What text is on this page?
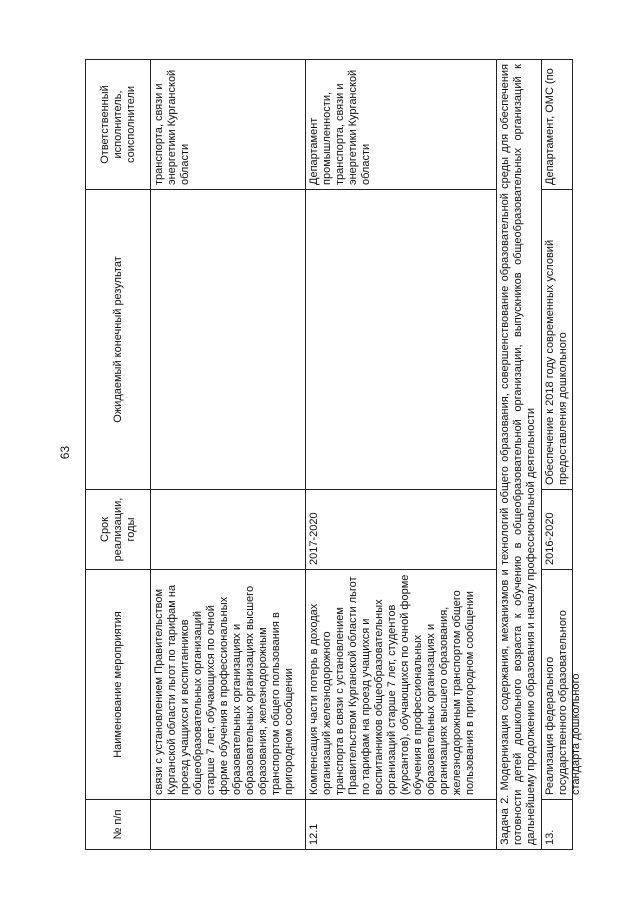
63
№ п/п	Наименование мероприятия	Срок реализации, годы	Ожидаемый конечный результат	Ответственный исполнитель, соисполнители
	связи с установлением Правительством Курганской области льгот по тарифам на проезд учащихся и воспитанников общеобразовательных организаций старше 7 лет, обучающихся по очной форме обучения в профессиональных образовательных организациях и образовательных организациях высшего образования, железнодорожным транспортом общего пользования в пригородном сообщении			транспорта, связи и энергетики Курганской области
12.1	Компенсация части потерь в доходах организаций железнодорожного транспорта в связи с установлением Правительством Курганской области льгот по тарифам на проезд учащихся и воспитанников общеобразовательных организаций старше 7 лет, студентов (курсантов), обучающихся по очной форме обучения в профессиональных образовательных организациях и организациях высшего образования, железнодорожным транспортом общего пользования в пригородном сообщении	2017-2020		Департамент промышленности, транспорта, связи и энергетики Курганской области
Задача 2. Модернизация содержания, механизмов и технологий общего образования, совершенствование образовательной среды для обеспечения готовности детей дошкольного возраста к обучению в общеобразовательной организации, выпускников общеобразовательных организаций к дальнейшему продолжению образования и началу профессиональной деятельности				

13.	Реализация федерального государственного образовательного стандарта дошкольного	2016-2020	Обеспечение к 2018 году современных условий предоставления дошкольного	Департамент, ОМС (по
